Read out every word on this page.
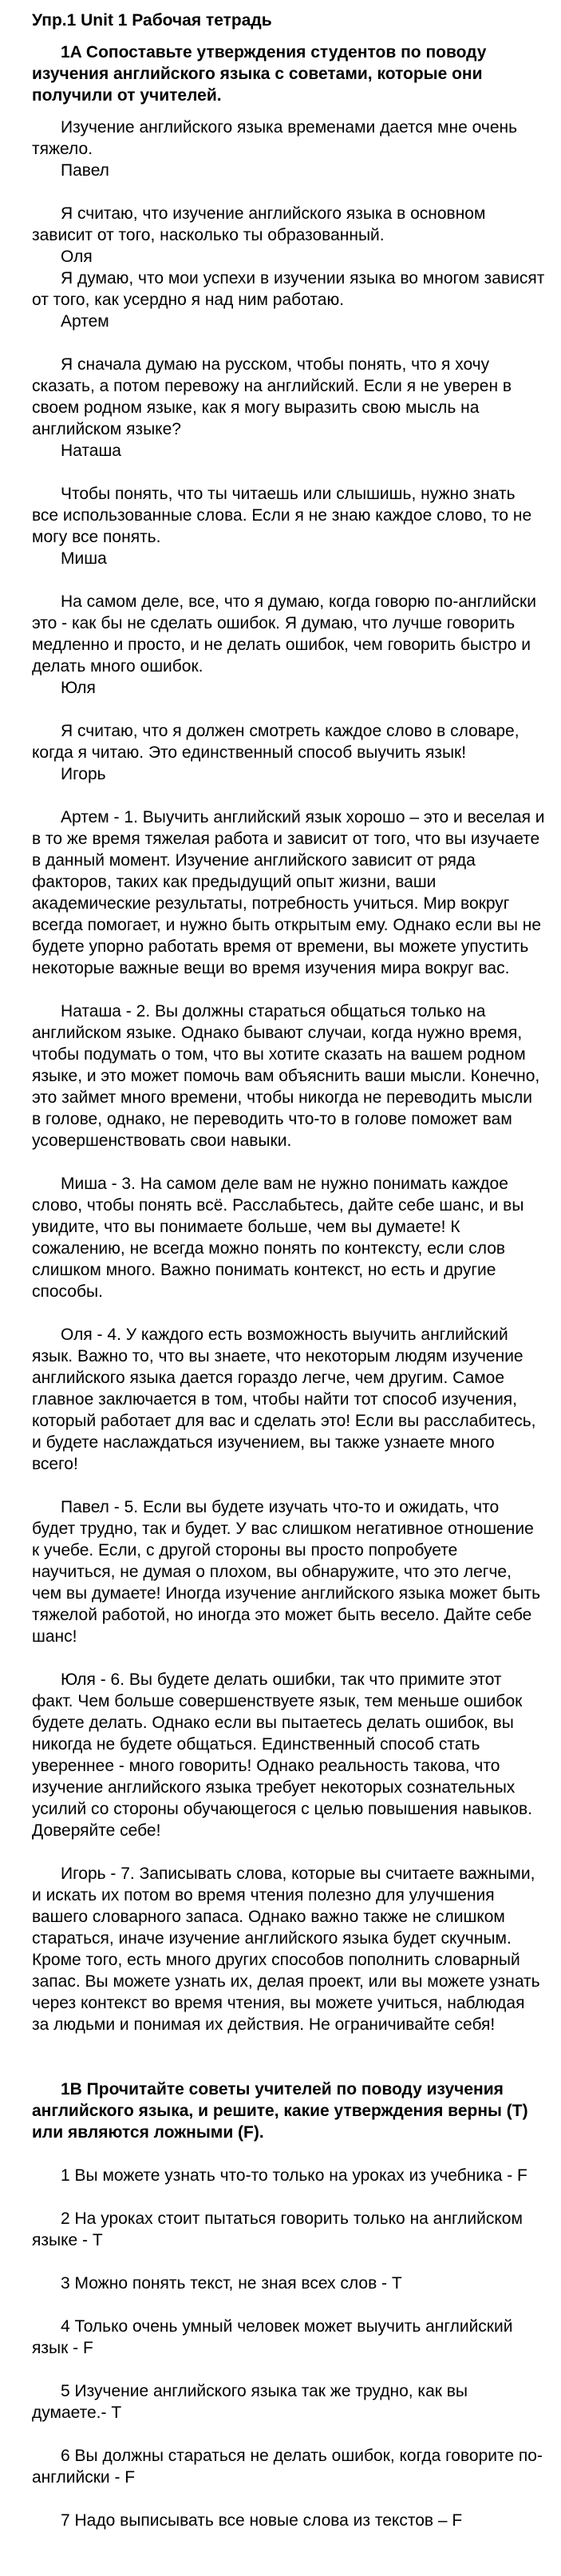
Упр.1 Unit 1 Рабочая тетрадь

1A Сопоставьте утверждения студентов по поводу изучения английского языка с советами, которые они получили от учителей.

Изучение английского языка временами дается мне очень тяжело.

Павел

Я считаю, что изучение английского языка в основном зависит от того, насколько ты образованный.

Оля

Я думаю, что мои успехи в изучении языка во многом зависят от того, как усердно я над ним работаю.

Артем

Я сначала думаю на русском, чтобы понять, что я хочу сказать, а потом перевожу на английский. Если я не уверен в своем родном языке, как я могу выразить свою мысль на английском языке?

Наташа

Чтобы понять, что ты читаешь или слышишь, нужно знать все использованные слова. Если я не знаю каждое слово, то не могу все понять.

Миша

На самом деле, все, что я думаю, когда говорю по-английски это - как бы не сделать ошибок. Я думаю, что лучше говорить медленно и просто, и не делать ошибок, чем говорить быстро и делать много ошибок.

Юля

Я считаю, что я должен смотреть каждое слово в словаре, когда я читаю. Это единственный способ выучить язык!

Игорь

Артем - 1. Выучить английский язык хорошо – это и веселая и в то же время тяжелая работа и зависит от того, что вы изучаете в данный момент. Изучение английского зависит от ряда факторов, таких как предыдущий опыт жизни, ваши академические результаты, потребность учиться. Мир вокруг всегда помогает, и нужно быть открытым ему. Однако если вы не будете упорно работать время от времени, вы можете упустить некоторые важные вещи во время изучения мира вокруг вас.

Наташа - 2. Вы должны стараться общаться только на английском языке. Однако бывают случаи, когда нужно время, чтобы подумать о том, что вы хотите сказать на вашем родном языке, и это может помочь вам объяснить ваши мысли. Конечно, это займет много времени, чтобы никогда не переводить мысли в голове, однако, не переводить что-то в голове поможет вам усовершенствовать свои навыки.

Миша - 3. На самом деле вам не нужно понимать каждое слово, чтобы понять всё. Расслабьтесь, дайте себе шанс, и вы увидите, что вы понимаете больше, чем вы думаете! К сожалению, не всегда можно понять по контексту, если слов слишком много. Важно понимать контекст, но есть и другие способы.

Оля - 4. У каждого есть возможность выучить английский язык. Важно то, что вы знаете, что некоторым людям изучение английского языка дается гораздо легче, чем другим. Самое главное заключается в том, чтобы найти тот способ изучения, который работает для вас и сделать это! Если вы расслабитесь, и будете наслаждаться изучением, вы также узнаете много всего!

Павел - 5. Если вы будете изучать что-то и ожидать, что будет трудно, так и будет. У вас слишком негативное отношение к учебе. Если, с другой стороны вы просто попробуете научиться, не думая о плохом, вы обнаружите, что это легче, чем вы думаете! Иногда изучение английского языка может быть тяжелой работой, но иногда это может быть весело. Дайте себе шанс!

Юля - 6. Вы будете делать ошибки, так что примите этот факт. Чем больше совершенствуете язык, тем меньше ошибок будете делать. Однако если вы пытаетесь делать ошибок, вы никогда не будете общаться. Единственный способ стать увереннее - много говорить! Однако реальность такова, что изучение английского языка требует некоторых сознательных усилий со стороны обучающегося с целью повышения навыков. Доверяйте себе!

Игорь - 7. Записывать слова, которые вы считаете важными, и искать их потом во время чтения полезно для улучшения вашего словарного запаса. Однако важно также не слишком стараться, иначе изучение английского языка будет скучным. Кроме того, есть много других способов пополнить словарный запас. Вы можете узнать их, делая проект, или вы можете узнать через контекст во время чтения, вы можете учиться, наблюдая за людьми и понимая их действия. Не ограничивайте себя!

1B Прочитайте советы учителей по поводу изучения английского языка, и решите, какие утверждения верны (T) или являются ложными (F).

1 Вы можете узнать что-то только на уроках из учебника - F

2 На уроках стоит пытаться говорить только на английском языке - T

3 Можно понять текст, не зная всех слов - T

4 Только очень умный человек может выучить английский язык - F

5 Изучение английского языка так же трудно, как вы думаете.- T

6 Вы должны стараться не делать ошибок, когда говорите по-английски - F

7 Надо выписывать все новые слова из текстов – F
